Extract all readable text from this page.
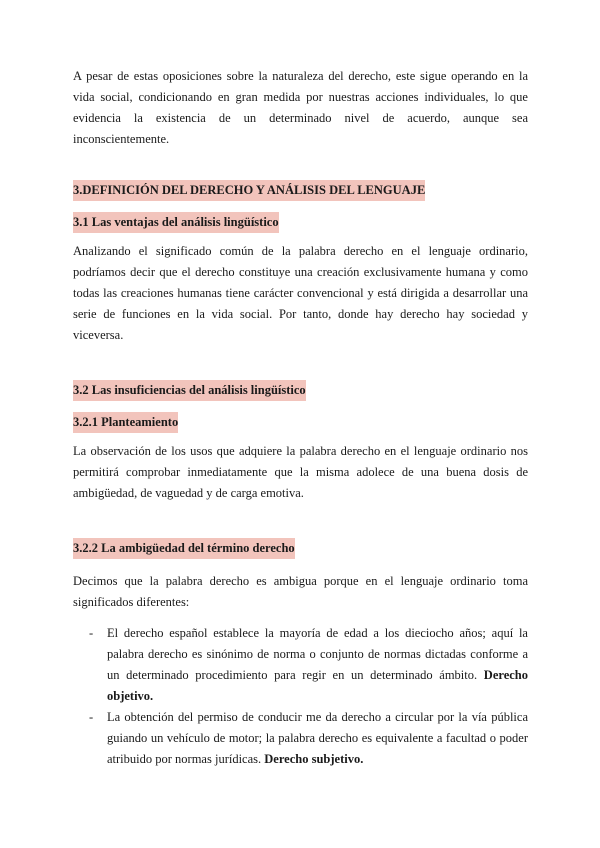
A pesar de estas oposiciones sobre la naturaleza del derecho, este sigue operando en la vida social, condicionando en gran medida por nuestras acciones individuales, lo que evidencia la existencia de un determinado nivel de acuerdo, aunque sea inconscientemente.

3.DEFINICIÓN DEL DERECHO Y ANÁLISIS DEL LENGUAJE
3.1 Las ventajas del análisis lingüístico

Analizando el significado común de la palabra derecho en el lenguaje ordinario, podríamos decir que el derecho constituye una creación exclusivamente humana y como todas las creaciones humanas tiene carácter convencional y está dirigida a desarrollar una serie de funciones en la vida social. Por tanto, donde hay derecho hay sociedad y viceversa.

3.2 Las insuficiencias del análisis lingüístico
3.2.1 Planteamiento

La observación de los usos que adquiere la palabra derecho en el lenguaje ordinario nos permitirá comprobar inmediatamente que la misma adolece de una buena dosis de ambigüedad, de vaguedad y de carga emotiva.

3.2.2 La ambigüedad del término derecho

Decimos que la palabra derecho es ambigua porque en el lenguaje ordinario toma significados diferentes:

- El derecho español establece la mayoría de edad a los dieciocho años; aquí la palabra derecho es sinónimo de norma o conjunto de normas dictadas conforme a un determinado procedimiento para regir en un determinado ámbito. Derecho objetivo.
- La obtención del permiso de conducir me da derecho a circular por la vía pública guiando un vehículo de motor; la palabra derecho es equivalente a facultad o poder atribuido por normas jurídicas. Derecho subjetivo.
